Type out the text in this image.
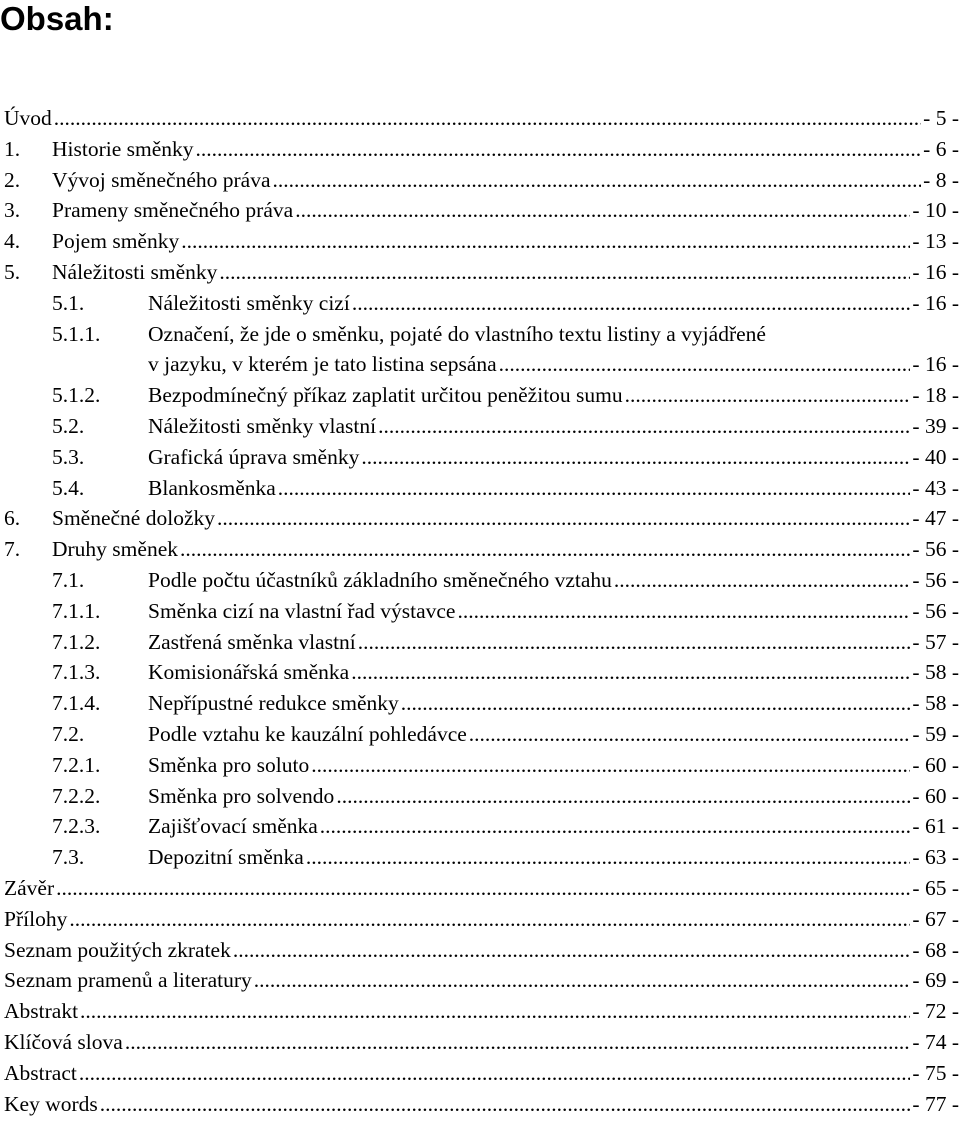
Obsah:
Úvod .....	- 5 -
1.	Historie směnky .....	- 6 -
2.	Vývoj směnečného práva .....	- 8 -
3.	Prameny směnečného práva .....	- 10 -
4.	Pojem směnky .....	- 13 -
5.	Náležitosti směnky .....	- 16 -
5.1.	Náležitosti směnky cizí .....	- 16 -
5.1.1.	Označení, že jde o směnku, pojaté do vlastního textu listiny a vyjádřené
v jazyku, v kterém je tato listina sepsána .....	- 16 -
5.1.2.	Bezpodmínečný příkaz zaplatit určitou peněžitou sumu .....	- 18 -
5.2.	Náležitosti směnky vlastní .....	- 39 -
5.3.	Grafická úprava směnky .....	- 40 -
5.4.	Blankosměnka .....	- 43 -
6.	Směnečné doložky .....	- 47 -
7.	Druhy směnek .....	- 56 -
7.1.	Podle počtu účastníků základního směnečného vztahu .....	- 56 -
7.1.1.	Směnka cizí na vlastní řad výstavce .....	- 56 -
7.1.2.	Zastřená směnka vlastní .....	- 57 -
7.1.3.	Komisionářská směnka .....	- 58 -
7.1.4.	Nepřípustné redukce směnky .....	- 58 -
7.2.	Podle vztahu ke kauzální pohledávce .....	- 59 -
7.2.1.	Směnka pro soluto .....	- 60 -
7.2.2.	Směnka pro solvendo .....	- 60 -
7.2.3.	Zajišťovací směnka .....	- 61 -
7.3.	Depozitní směnka .....	- 63 -
Závěr .....	- 65 -
Přílohy .....	- 67 -
Seznam použitých zkratek .....	- 68 -
Seznam pramenů a literatury .....	- 69 -
Abstrakt .....	- 72 -
Klíčová slova .....	- 74 -
Abstract .....	- 75 -
Key words .....	- 77 -
